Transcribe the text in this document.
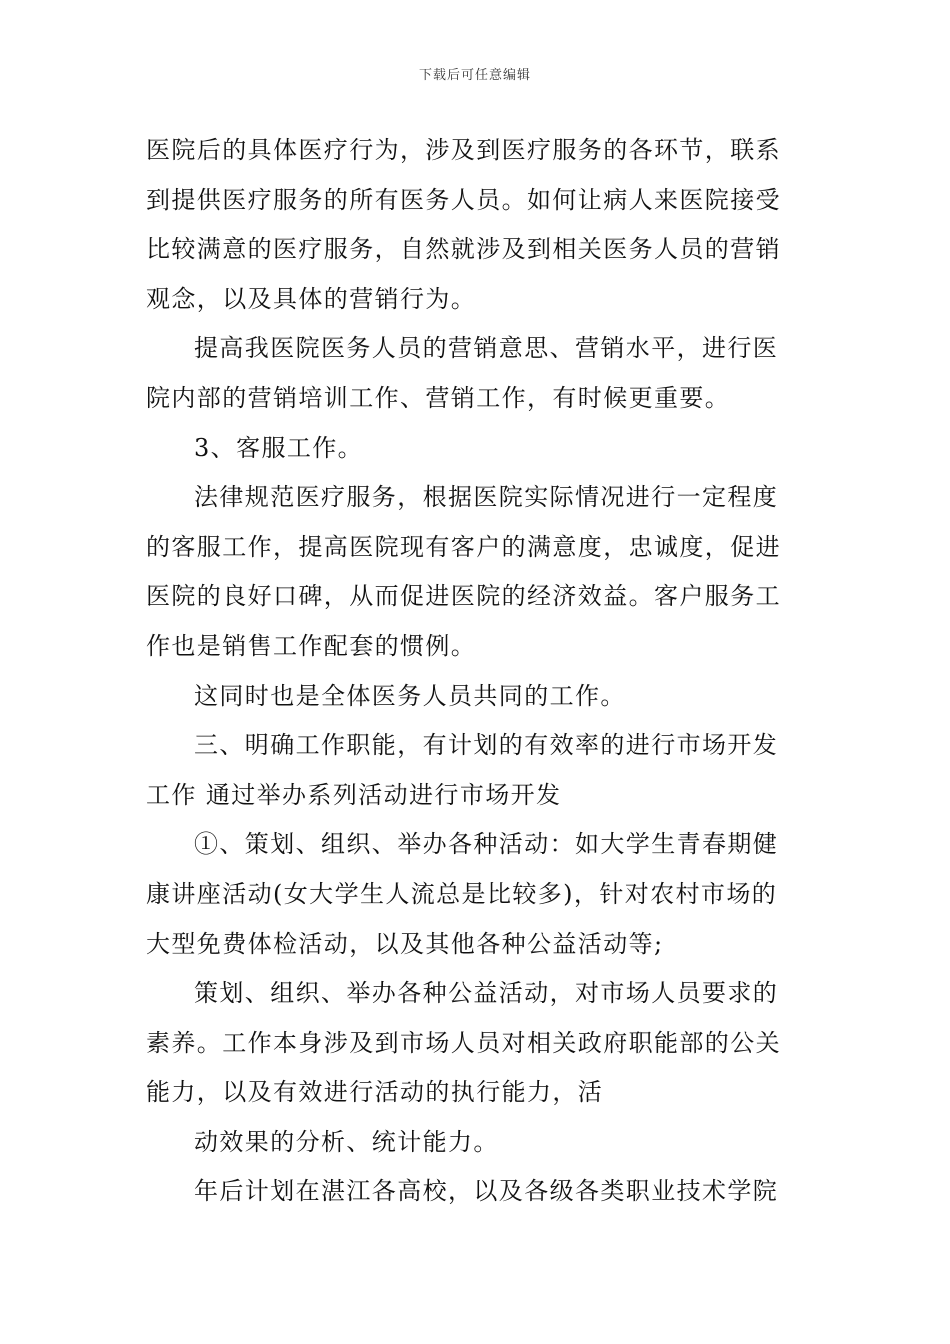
下载后可任意编辑
医院后的具体医疗行为，涉及到医疗服务的各环节，联系
到提供医疗服务的所有医务人员。如何让病人来医院接受
比较满意的医疗服务，自然就涉及到相关医务人员的营销
观念，以及具体的营销行为。
提高我医院医务人员的营销意思、营销水平，进行医
院内部的营销培训工作、营销工作，有时候更重要。
3、客服工作。
法律规范医疗服务，根据医院实际情况进行一定程度
的客服工作，提高医院现有客户的满意度，忠诚度，促进
医院的良好口碑，从而促进医院的经济效益。客户服务工
作也是销售工作配套的惯例。
这同时也是全体医务人员共同的工作。
三、明确工作职能，有计划的有效率的进行市场开发
工作 通过举办系列活动进行市场开发
①、策划、组织、举办各种活动：如大学生青春期健
康讲座活动(女大学生人流总是比较多)，针对农村市场的
大型免费体检活动，以及其他各种公益活动等;
策划、组织、举办各种公益活动，对市场人员要求的
素养。工作本身涉及到市场人员对相关政府职能部的公关
能力，以及有效进行活动的执行能力，活
动效果的分析、统计能力。
年后计划在湛江各高校，以及各级各类职业技术学院
